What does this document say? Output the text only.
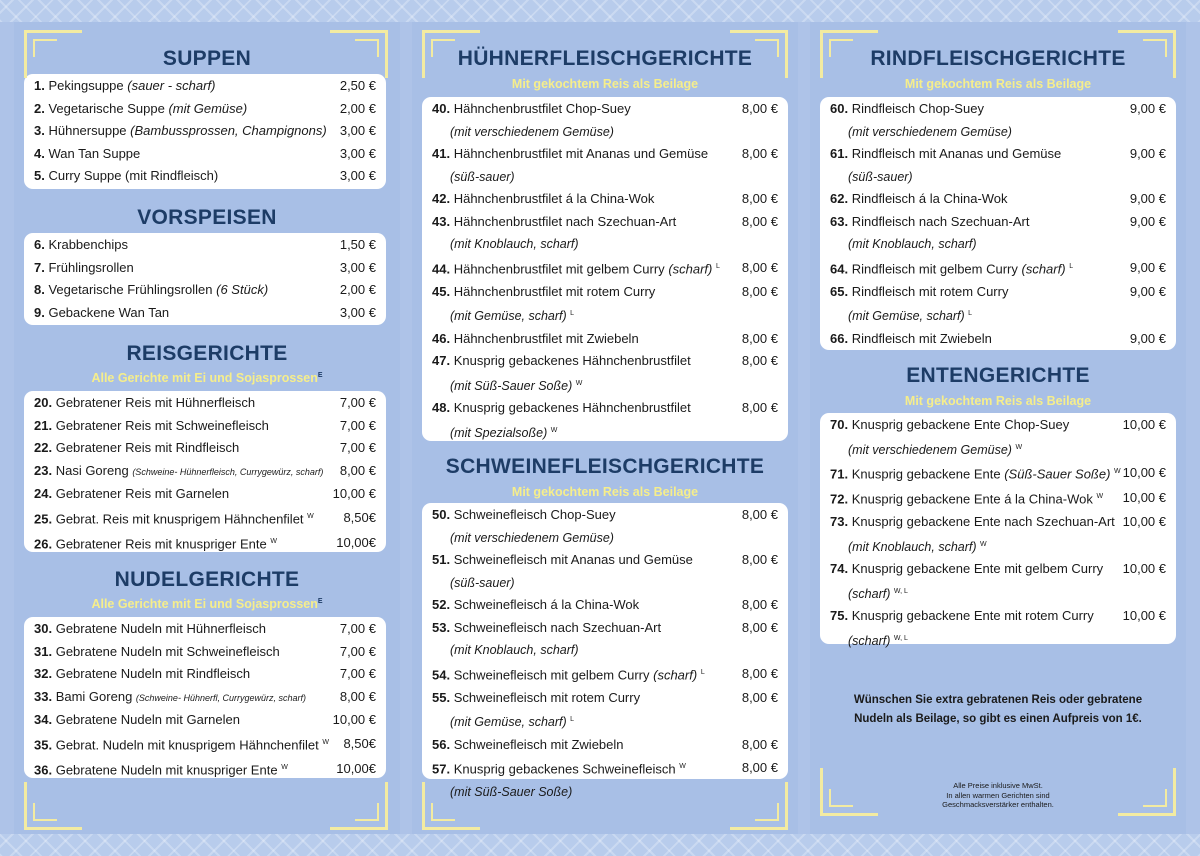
SUPPEN
1. Pekingsuppe (sauer - scharf)	2,50 €
2. Vegetarische Suppe (mit Gemüse)	2,00 €
3. Hühnersuppe (Bambussprossen, Champignons)	3,00 €
4. Wan Tan Suppe	3,00 €
5. Curry Suppe (mit Rindfleisch)	3,00 €
VORSPEISEN
6. Krabbenchips	1,50 €
7. Frühlingsrollen	3,00 €
8. Vegetarische Frühlingsrollen (6 Stück)	2,00 €
9. Gebackene Wan Tan	3,00 €
REISGERICHTE
Alle Gerichte mit Ei und Sojasprossen$^E$
20. Gebratener Reis mit Hühnerfleisch	7,00 €
21. Gebratener Reis mit Schweinefleisch	7,00 €
22. Gebratener Reis mit Rindfleisch	7,00 €
23. Nasi Goreng (Schweine- Hühnerfleisch, Currygewürz, scharf)	8,00 €
24. Gebratener Reis mit Garnelen	10,00 €
25. Gebrat. Reis mit knusprigem Hähnchenfilet $^W$	8,50€
26. Gebratener Reis mit knuspriger Ente $^W$	10,00€
NUDELGERICHTE
Alle Gerichte mit Ei und Sojasprossen$^E$
30. Gebratene Nudeln mit Hühnerfleisch	7,00 €
31. Gebratene Nudeln mit Schweinefleisch	7,00 €
32. Gebratene Nudeln mit Rindfleisch	7,00 €
33. Bami Goreng (Schweine- Hühnerfl, Currygewürz, scharf)	8,00 €
34. Gebratene Nudeln mit Garnelen	10,00 €
35. Gebrat. Nudeln mit knusprigem Hähnchenfilet $^W$	8,50€
36. Gebratene Nudeln mit knuspriger Ente $^W$	10,00€
HÜHNERFLEISCHGERICHTE
Mit gekochtem Reis als Beilage
40. Hähnchenbrustfilet Chop-Suey	8,00 €
(mit verschiedenem Gemüse)
41. Hähnchenbrustfilet mit Ananas und Gemüse	8,00 €
(süß-sauer)
42. Hähnchenbrustfilet á la China-Wok	8,00 €
43. Hähnchenbrustfilet nach Szechuan-Art	8,00 €
(mit Knoblauch, scharf)
44. Hähnchenbrustfilet mit gelbem Curry (scharf) $^L$	8,00 €
45. Hähnchenbrustfilet mit rotem Curry	8,00 €
(mit Gemüse, scharf) $^L$
46. Hähnchenbrustfilet mit Zwiebeln	8,00 €
47. Knusprig gebackenes Hähnchenbrustfilet	8,00 €
(mit Süß-Sauer Soße) $^W$
48. Knusprig gebackenes Hähnchenbrustfilet	8,00 €
(mit Spezialsoße) $^W$
SCHWEINEFLEISCHGERICHTE
Mit gekochtem Reis als Beilage
50. Schweinefleisch Chop-Suey	8,00 €
(mit verschiedenem Gemüse)
51. Schweinefleisch mit Ananas und Gemüse	8,00 €
(süß-sauer)
52. Schweinefleisch á la China-Wok	8,00 €
53. Schweinefleisch nach Szechuan-Art	8,00 €
(mit Knoblauch, scharf)
54. Schweinefleisch mit gelbem Curry (scharf) $^L$	8,00 €
55. Schweinefleisch mit rotem Curry	8,00 €
(mit Gemüse, scharf) $^L$
56. Schweinefleisch mit Zwiebeln	8,00 €
57. Knusprig gebackenes Schweinefleisch $^W$	8,00 €
(mit Süß-Sauer Soße)
RINDFLEISCHGERICHTE
Mit gekochtem Reis als Beilage
60. Rindfleisch Chop-Suey	9,00 €
(mit verschiedenem Gemüse)
61. Rindfleisch mit Ananas und Gemüse	9,00 €
(süß-sauer)
62. Rindfleisch á la China-Wok	9,00 €
63. Rindfleisch nach Szechuan-Art	9,00 €
(mit Knoblauch, scharf)
64. Rindfleisch mit gelbem Curry (scharf) $^L$	9,00 €
65. Rindfleisch mit rotem Curry	9,00 €
(mit Gemüse, scharf) $^L$
66. Rindfleisch mit Zwiebeln	9,00 €
ENTENGERICHTE
Mit gekochtem Reis als Beilage
70. Knusprig gebackene Ente Chop-Suey	10,00 €
(mit verschiedenem Gemüse) $^W$
71. Knusprig gebackene Ente (Süß-Sauer Soße) $^W$ 10,00 €
72. Knusprig gebackene Ente á la China-Wok $^W$	10,00 €
73. Knusprig gebackene Ente nach Szechuan-Art 10,00 €
(mit Knoblauch, scharf) $^W$
74. Knusprig gebackene Ente mit gelbem Curry	10,00 €
(scharf) $^{W, L}$
75. Knusprig gebackene Ente mit rotem Curry	10,00 €
(scharf) $^{W, L}$
Wünschen Sie extra gebratenen Reis oder gebratene
Nudeln als Beilage, so gibt es einen Aufpreis von 1€.
Alle Preise inklusive MwSt.
In allen warmen Gerichten sind
Geschmacksverstärker enthalten.
